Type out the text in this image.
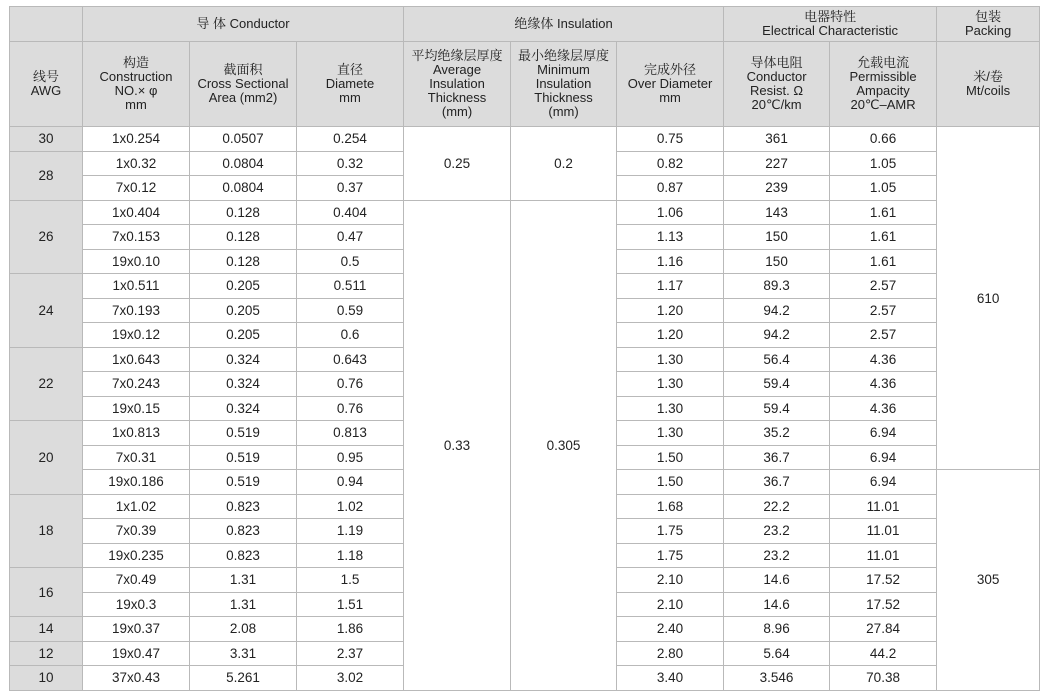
	导 体 Conductor			绝缘体 Insulation			电器特性
Electrical Characteristic		包装
Packing

线号
AWG	构造
Construction
NO.× φ
mm	截面积
Cross Sectional
Area (mm2)	直径
Diamete
mm	平均绝缘层厚度
Average
Insulation
Thickness
(mm)	最小绝缘层厚度
Minimum
Insulation
Thickness
(mm)	完成外径
Over Diameter
mm	导体电阻
Conductor
Resist. Ω
20℃/km	允载电流
Permissible
Ampacity
20℃–AMR	米/卷
Mt/coils

30	1x0.254	0.0507	0.254	0.25	0.2	0.75	361	0.66	610
28	1x0.32	0.0804	0.32			0.82	227	1.05	
	7x0.12	0.0804	0.37			0.87	239	1.05	
26	1x0.404	0.128	0.404	0.33	0.305	1.06	143	1.61	
	7x0.153	0.128	0.47			1.13	150	1.61	
	19x0.10	0.128	0.5			1.16	150	1.61	
24	1x0.511	0.205	0.511			1.17	89.3	2.57	
	7x0.193	0.205	0.59			1.20	94.2	2.57	
	19x0.12	0.205	0.6			1.20	94.2	2.57	
22	1x0.643	0.324	0.643			1.30	56.4	4.36	
	7x0.243	0.324	0.76			1.30	59.4	4.36	
	19x0.15	0.324	0.76			1.30	59.4	4.36	
20	1x0.813	0.519	0.813			1.30	35.2	6.94	
	7x0.31	0.519	0.95			1.50	36.7	6.94	
	19x0.186	0.519	0.94			1.50	36.7	6.94	305
18	1x1.02	0.823	1.02			1.68	22.2	11.01	
	7x0.39	0.823	1.19			1.75	23.2	11.01	
	19x0.235	0.823	1.18			1.75	23.2	11.01	
16	7x0.49	1.31	1.5			2.10	14.6	17.52	
	19x0.3	1.31	1.51			2.10	14.6	17.52	
14	19x0.37	2.08	1.86			2.40	8.96	27.84	
12	19x0.47	3.31	2.37			2.80	5.64	44.2	
10	37x0.43	5.261	3.02			3.40	3.546	70.38	
